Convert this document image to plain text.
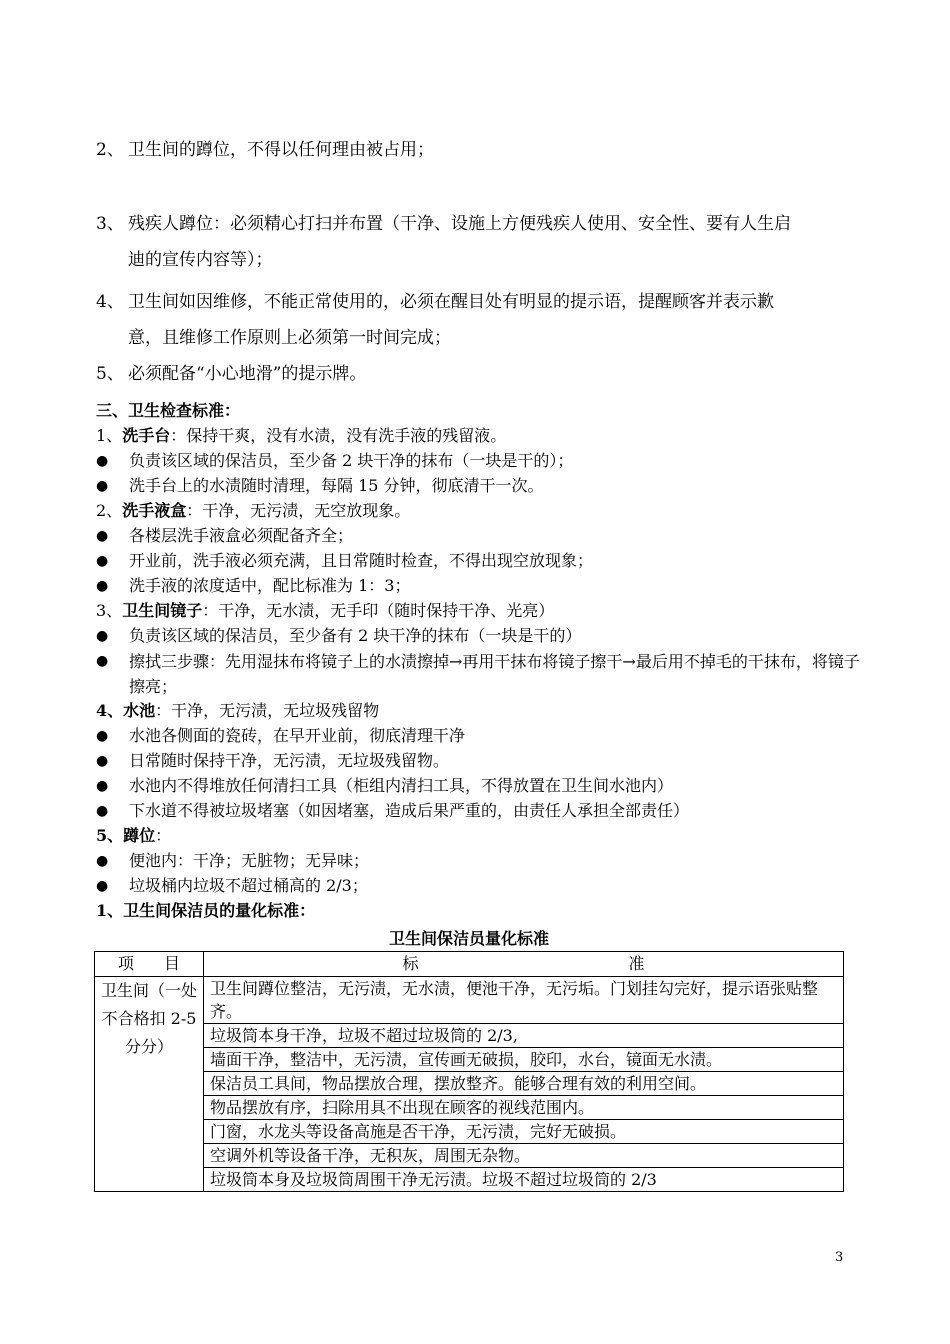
2、 卫生间的蹲位，不得以任何理由被占用；
3、 残疾人蹲位：必须精心打扫并布置（干净、设施上方便残疾人使用、安全性、要有人生启
迪的宣传内容等）；
4、 卫生间如因维修，不能正常使用的，必须在醒目处有明显的提示语，提醒顾客并表示歉
意，且维修工作原则上必须第一时间完成；
5、 必须配备“小心地滑”的提示牌。
三、卫生检查标准：
1、洗手台：保持干爽，没有水渍，没有洗手液的残留液。
●	负责该区域的保洁员，至少备 2 块干净的抹布（一块是干的）；
●	洗手台上的水渍随时清理，每隔 15 分钟，彻底清干一次。
2、洗手液盒：干净，无污渍，无空放现象。
●	各楼层洗手液盒必须配备齐全；
●	开业前，洗手液必须充满，且日常随时检查，不得出现空放现象；
●	洗手液的浓度适中，配比标准为 1：3；
3、卫生间镜子：干净，无水渍，无手印（随时保持干净、光亮）
●	负责该区域的保洁员，至少备有 2 块干净的抹布（一块是干的）
●	擦拭三步骤：先用湿抹布将镜子上的水渍擦掉→再用干抹布将镜子擦干→最后用不掉毛的干抹布，将镜子擦亮；
4、水池：干净，无污渍，无垃圾残留物
●	水池各侧面的瓷砖，在早开业前，彻底清理干净
●	日常随时保持干净，无污渍，无垃圾残留物。
●	水池内不得堆放任何清扫工具（柜组内清扫工具，不得放置在卫生间水池内）
●	下水道不得被垃圾堵塞（如因堵塞，造成后果严重的，由责任人承担全部责任）
5、蹲位：
●	便池内：干净；无脏物；无异味；
●	垃圾桶内垃圾不超过桶高的 2/3；
1、卫生间保洁员的量化标准：
卫生间保洁员量化标准
项 目	标 准

卫生间（一处不合格扣 2-5 分分）	卫生间蹲位整洁，无污渍，无水渍，便池干净，无污垢。门划挂勾完好，提示语张贴整齐。
	垃圾筒本身干净，垃圾不超过垃圾筒的 2/3,
	墙面干净，整洁中，无污渍，宣传画无破损，胶印，水台，镜面无水渍。
	保洁员工具间，物品摆放合理，摆放整齐。能够合理有效的利用空间。
	物品摆放有序，扫除用具不出现在顾客的视线范围内。
	门窗，水龙头等设备高施是否干净，无污渍，完好无破损。
	空调外机等设备干净，无积灰，周围无杂物。
	垃圾筒本身及垃圾筒周围干净无污渍。垃圾不超过垃圾筒的 2/3
3
